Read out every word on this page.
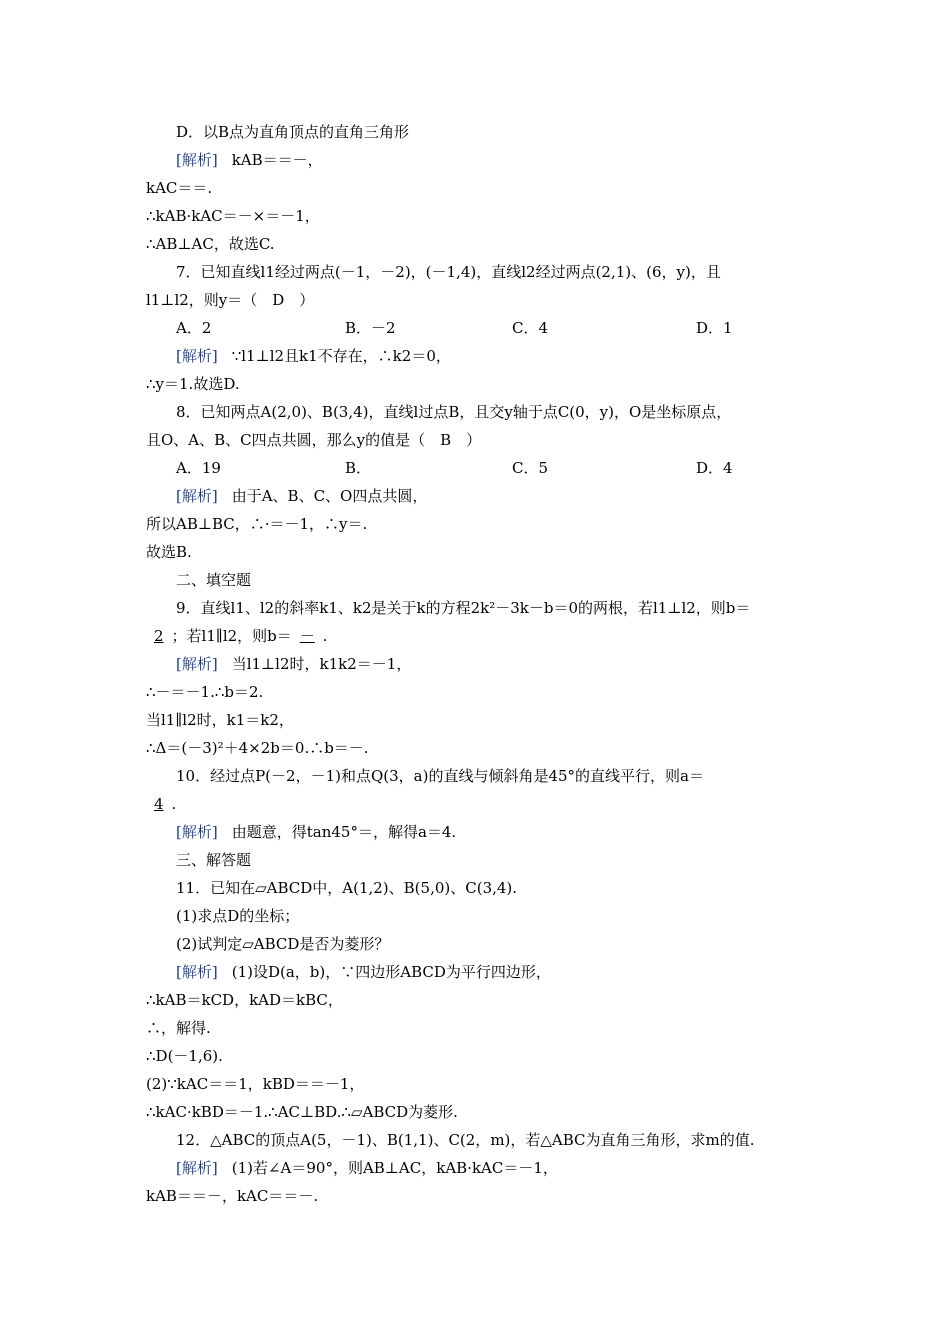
D．以B点为直角顶点的直角三角形
[解析] kAB＝＝－，
kAC＝＝.
∴kAB·kAC＝－×＝－1，
∴AB⊥AC，故选C.
7．已知直线l1经过两点(－1，－2)，(－1,4)，直线l2经过两点(2,1)、(6，y)，且
l1⊥l2，则y＝（　D　）
A．2	B．－2	C．4	D．1
[解析] ∵l1⊥l2且k1不存在，∴k2＝0，
∴y＝1.故选D.
8．已知两点A(2,0)、B(3,4)，直线l过点B，且交y轴于点C(0，y)，O是坐标原点，
且O、A、B、C四点共圆，那么y的值是（　B　）
A．19	B．	C．5	D．4
[解析] 由于A、B、C、O四点共圆，
所以AB⊥BC，∴·＝－1，∴y＝.
故选B.
二、填空题
9．直线l1、l2的斜率k1、k2是关于k的方程2k²－3k－b＝0的两根，若l1⊥l2，则b＝
2 ；若l1∥l2，则b＝ － .
[解析] 当l1⊥l2时，k1k2＝－1，
∴－＝－1.∴b＝2.
当l1∥l2时，k1＝k2，
∴Δ＝(－3)²＋4×2b＝0.∴b＝－.
10．经过点P(－2，－1)和点Q(3，a)的直线与倾斜角是45°的直线平行，则a＝
4 .
[解析] 由题意，得tan45°＝，解得a＝4.
三、解答题
11．已知在▱ABCD中，A(1,2)、B(5,0)、C(3,4).
(1)求点D的坐标；
(2)试判定▱ABCD是否为菱形？
[解析] (1)设D(a，b)，∵四边形ABCD为平行四边形，
∴kAB＝kCD，kAD＝kBC，
∴，解得.
∴D(－1,6).
(2)∵kAC＝＝1，kBD＝＝－1，
∴kAC·kBD＝－1.∴AC⊥BD.∴▱ABCD为菱形.
12．△ABC的顶点A(5，－1)、B(1,1)、C(2，m)，若△ABC为直角三角形，求m的值.
[解析] (1)若∠A＝90°，则AB⊥AC，kAB·kAC＝－1，
kAB＝＝－，kAC＝＝－.
